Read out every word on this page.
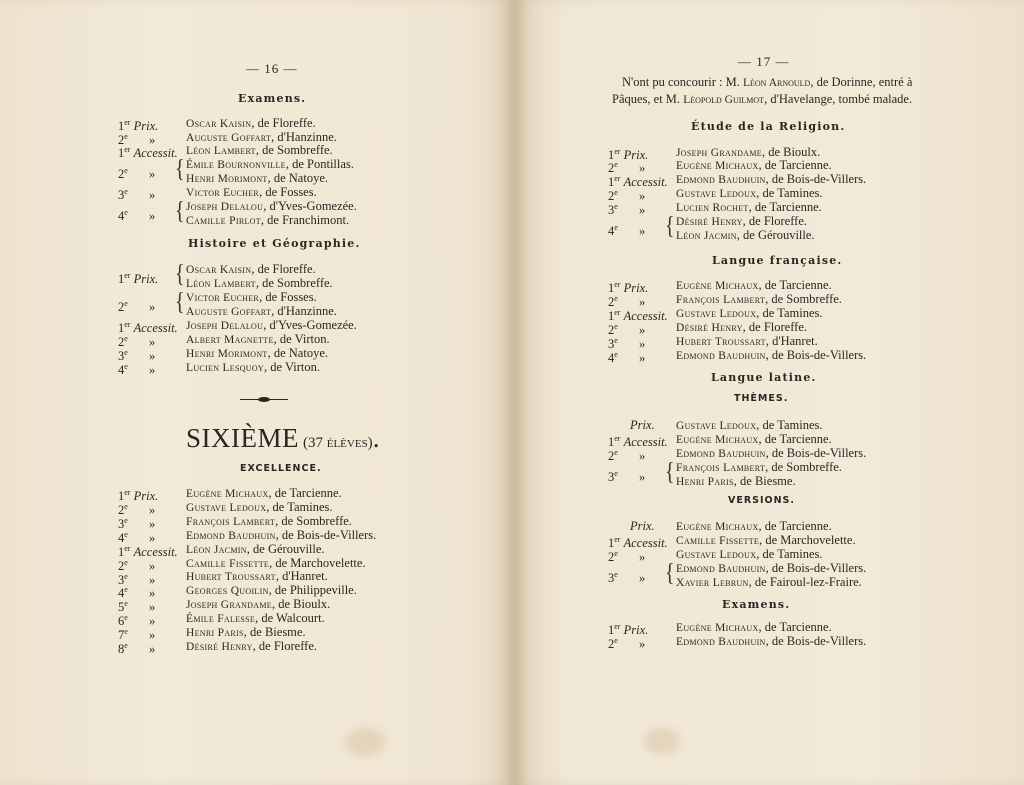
— 16 —
Examens.
1er Prix. Oscar Kaisin, de Floreffe.
2e »	Auguste Goffart, d'Hanzinne.
1er Accessit. Léon Lambert, de Sombreffe.
2e » { Émile Bournonville, de Pontillas.
Henri Morimont, de Natoye.
3e »	Victor Eucher, de Fosses.
4e » { Joseph Delalou, d'Yves-Gomezée.
Camille Pirlot, de Franchimont.
Histoire et Géographie.
1er Prix. { Oscar Kaisin, de Floreffe.
Léon Lambert, de Sombreffe.
2e » { Victor Eucher, de Fosses.
Auguste Goffart, d'Hanzinne.
1er Accessit. Joseph Delalou, d'Yves-Gomezée.
2e »	Albert Magnette, de Virton.
3e »	Henri Morimont, de Natoye.
4e »	Lucien Lesquoy, de Virton.
EXCELLENCE.
1er Prix. Eugène Michaux, de Tarcienne.
2e »	Gustave Ledoux, de Tamines.
3e »	François Lambert, de Sombreffe.
4e »	Edmond Baudhuin, de Bois-de-Villers.
1er Accessit. Léon Jacmin, de Gérouville.
2e »	Camille Fissette, de Marchovelette.
3e »	Hubert Troussart, d'Hanret.
4e »	Georges Quoilin, de Philippeville.
5e »	Joseph Grandame, de Bioulx.
6e »	Émile Falesse, de Walcourt.
7e »	Henri Paris, de Biesme.
8e »	Désiré Henry, de Floreffe.
SIXIÈME (37 élèves).
— 17 —
N'ont pu concourir : M. Léon Arnould, de Dorinne, entré à
Pâques, et M. Léopold Guilmot, d'Havelange, tombé malade.
Étude de la Religion.
1er Prix. Joseph Grandame, de Bioulx.
2e »	Eugène Michaux, de Tarcienne.
1er Accessit. Edmond Baudhuin, de Bois-de-Villers.
2e »	Gustave Ledoux, de Tamines.
3e »	Lucien Rochet, de Tarcienne.
4e » { Désiré Henry, de Floreffe.
Léon Jacmin, de Gérouville.
Langue française.
1er Prix. Eugène Michaux, de Tarcienne.
2e »	François Lambert, de Sombreffe.
1er Accessit. Gustave Ledoux, de Tamines.
2e »	Désiré Henry, de Floreffe.
3e »	Hubert Troussart, d'Hanret.
4e »	Edmond Baudhuin, de Bois-de-Villers.
Langue latine.
Prix. Gustave Ledoux, de Tamines.
1er Accessit. Eugène Michaux, de Tarcienne.
2e »	Edmond Baudhuin, de Bois-de-Villers.
3e » { François Lambert, de Sombreffe.
Henri Paris, de Biesme.
THÈMES.
VERSIONS.
Prix. Eugène Michaux, de Tarcienne.
1er Accessit. Camille Fissette, de Marchovelette.
2e »	Gustave Ledoux, de Tamines.
3e » { Edmond Baudhuin, de Bois-de-Villers.
Xavier Lebrun, de Fairoul-lez-Fraire.
Examens.
1er Prix. Eugène Michaux, de Tarcienne.
2e »	Edmond Baudhuin, de Bois-de-Villers.
